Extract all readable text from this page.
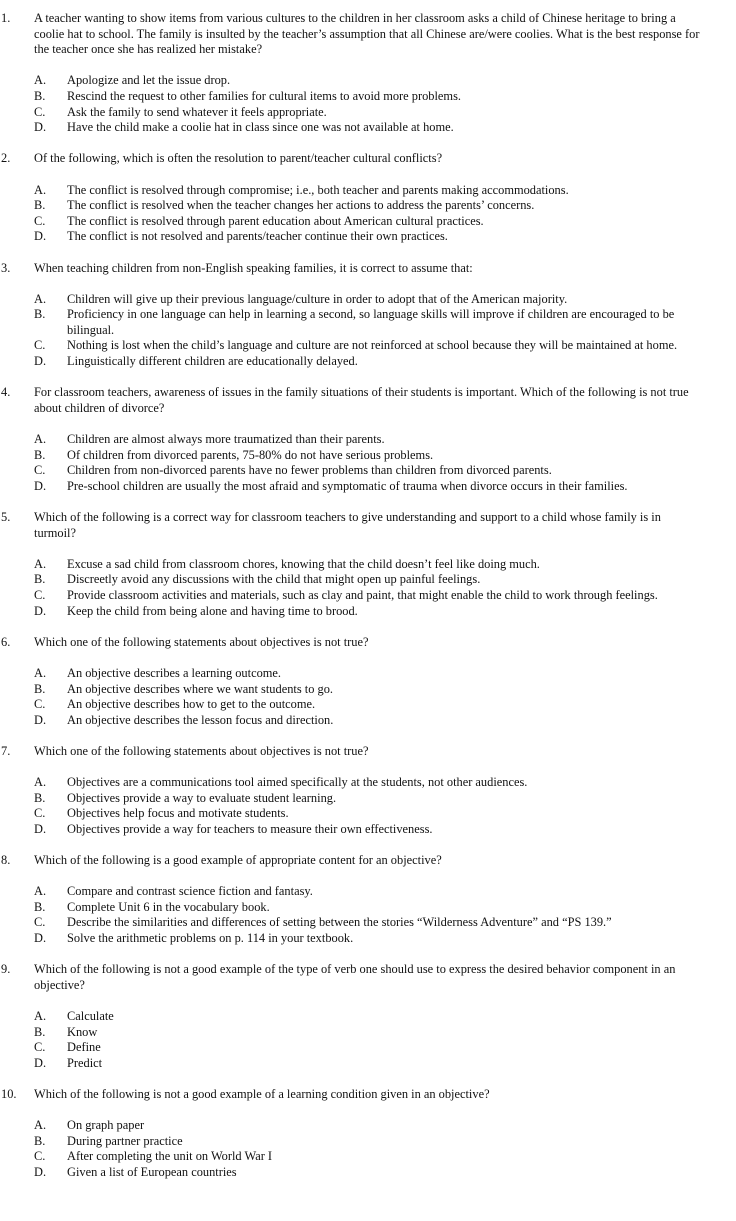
1.	A teacher wanting to show items from various cultures to the children in her classroom asks a child of Chinese heritage to bring a
coolie hat to school. The family is insulted by the teacher’s assumption that all Chinese are/were coolies. What is the best response for
the teacher once she has realized her mistake?
A.	Apologize and let the issue drop.
B.	Rescind the request to other families for cultural items to avoid more problems.
C.	Ask the family to send whatever it feels appropriate.
D.	Have the child make a coolie hat in class since one was not available at home.
2.	Of the following, which is often the resolution to parent/teacher cultural conflicts?
A.	The conflict is resolved through compromise; i.e., both teacher and parents making accommodations.
B.	The conflict is resolved when the teacher changes her actions to address the parents’ concerns.
C.	The conflict is resolved through parent education about American cultural practices.
D.	The conflict is not resolved and parents/teacher continue their own practices.
3.	When teaching children from non-English speaking families, it is correct to assume that:
A.	Children will give up their previous language/culture in order to adopt that of the American majority.
B.	Proficiency in one language can help in learning a second, so language skills will improve if children are encouraged to be
bilingual.
C.	Nothing is lost when the child’s language and culture are not reinforced at school because they will be maintained at home.
D.	Linguistically different children are educationally delayed.
4.	For classroom teachers, awareness of issues in the family situations of their students is important. Which of the following is not true
about children of divorce?
A.	Children are almost always more traumatized than their parents.
B.	Of children from divorced parents, 75-80% do not have serious problems.
C.	Children from non-divorced parents have no fewer problems than children from divorced parents.
D.	Pre-school children are usually the most afraid and symptomatic of trauma when divorce occurs in their families.
5.	Which of the following is a correct way for classroom teachers to give understanding and support to a child whose family is in
turmoil?
A.	Excuse a sad child from classroom chores, knowing that the child doesn’t feel like doing much.
B.	Discreetly avoid any discussions with the child that might open up painful feelings.
C.	Provide classroom activities and materials, such as clay and paint, that might enable the child to work through feelings.
D.	Keep the child from being alone and having time to brood.
6.	Which one of the following statements about objectives is not true?
A.	An objective describes a learning outcome.
B.	An objective describes where we want students to go.
C.	An objective describes how to get to the outcome.
D.	An objective describes the lesson focus and direction.
7.	Which one of the following statements about objectives is not true?
A.	Objectives are a communications tool aimed specifically at the students, not other audiences.
B.	Objectives provide a way to evaluate student learning.
C.	Objectives help focus and motivate students.
D.	Objectives provide a way for teachers to measure their own effectiveness.
8.	Which of the following is a good example of appropriate content for an objective?
A.	Compare and contrast science fiction and fantasy.
B.	Complete Unit 6 in the vocabulary book.
C.	Describe the similarities and differences of setting between the stories “Wilderness Adventure” and “PS 139.”
D.	Solve the arithmetic problems on p. 114 in your textbook.
9.	Which of the following is not a good example of the type of verb one should use to express the desired behavior component in an
objective?
A.	Calculate
B.	Know
C.	Define
D.	Predict
10.	Which of the following is not a good example of a learning condition given in an objective?
A.	On graph paper
B.	During partner practice
C.	After completing the unit on World War I
D.	Given a list of European countries
